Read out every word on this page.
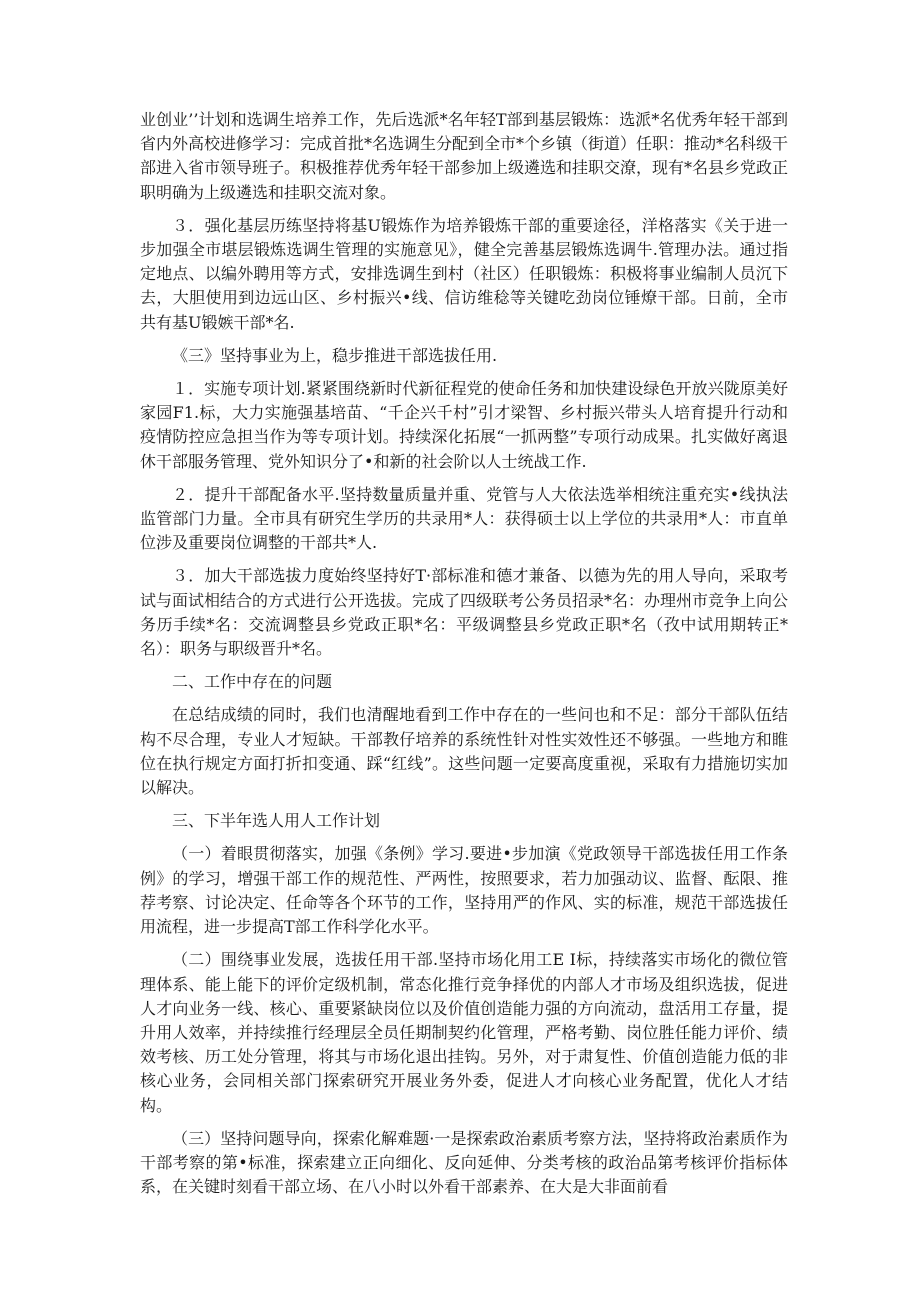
业创业’’计划和选调生培养工作，先后选派*名年轻T部到基层锻炼：选派*名优秀年轻干部到省内外高校进修学习：完成首批*名选调生分配到全市*个乡镇（街道）任职：推动*名科级干部进入省市领导班子。积极推荐优秀年轻干部参加上级遴选和挂职交潦，现有*名县乡党政正职明确为上级遴选和挂职交流对象。

３．强化基层历练坚持将基U锻炼作为培养锻炼干部的重要途径，洋格落实《关于进一步加强全市堪层锻炼选调生管理的实施意见》，健全完善基层锻炼选调牛.管理办法。通过指定地点、以编外聘用等方式，安排选调生到村（社区）任职锻炼：积极将事业编制人员沉下去，大胆使用到边远山区、乡村振兴•线、信访维稔等关键吃劲岗位锤燎干部。日前，全市共有基U锻嫉干部*名.

《三》坚持事业为上，稳步推进干部选拔任用.

１．实施专项计划.紧紧围绕新时代新征程党的使命任务和加快建设绿色开放兴陇原美好家园F1.标，大力实施强基培苗、“千企兴千村”引才梁智、乡村振兴带头人培育提升行动和疫情防控应急担当作为等专项计划。持续深化拓展“一抓两整”专项行动成果。扎实做好离退休干部服务管理、党外知识分了•和新的社会阶以人士统战工作.

２．提升干部配备水平.坚持数量质量并重、党管与人大依法选举相统注重充实•线执法监管部门力量。全市具有研究生学历的共录用*人：获得硕士以上学位的共录用*人：市直单位涉及重要岗位调整的干部共*人.

３．加大干部选拔力度始终坚持好T·部标准和德才兼备、以德为先的用人导向，采取考试与面试相结合的方式进行公开选拔。完成了四级联考公务员招录*名：办理州市竞争上向公务历手续*名：交流调整县乡党政正职*名：平级调整县乡党政正职*名（孜中试用期转正*名）：职务与职级晋升*名。

二、工作中存在的问题

在总结成绩的同时，我们也清醒地看到工作中存在的一些问也和不足：部分干部队伍结构不尽合理，专业人才短缺。干部教仔培养的系统性针对性实效性还不够强。一些地方和睢位在执行规定方面打折扣变通、踩“红线”。这些问题一定要高度重视，采取有力措施切实加以解决。

三、下半年选人用人工作计划

（一）着眼贯彻落实，加强《条例》学习.要进•步加演《党政领导干部选拔任用工作条例》的学习，增强干部工作的规范性、严两性，按照要求，若力加强动议、监督、酝限、推荐考察、讨论决定、任命等各个环节的工作，坚持用严的作风、实的标准，规范干部选拔任用流程，进一步提高T部工作科学化水平。

（二）围绕事业发展，选拔任用干部.坚持市场化用工E I标，持续落实市场化的微位管理体系、能上能下的评价定级机制，常态化推行竞争择优的内部人才市场及组织选拔，促进人才向业务一线、核心、重要紧缺岗位以及价值创造能力强的方向流动，盘活用工存量，提升用人效率，并持续推行经理层全员任期制契约化管理，严格考勤、岗位胜任能力评价、绩效考核、历工处分管理，将其与市场化退出挂钩。另外，对于肃复性、价值创造能力低的非核心业务，会同相关部门探索研究开展业务外委，促进人才向核心业务配置，优化人才结构。

（三）坚持问题导向，探索化解难题·一是探索政治素质考察方法，坚持将政治素质作为干部考察的第•标准，探索建立正向细化、反向延伸、分类考核的政治品第考核评价指标体系，在关键时刻看干部立场、在八小时以外看干部素养、在大是大非面前看
